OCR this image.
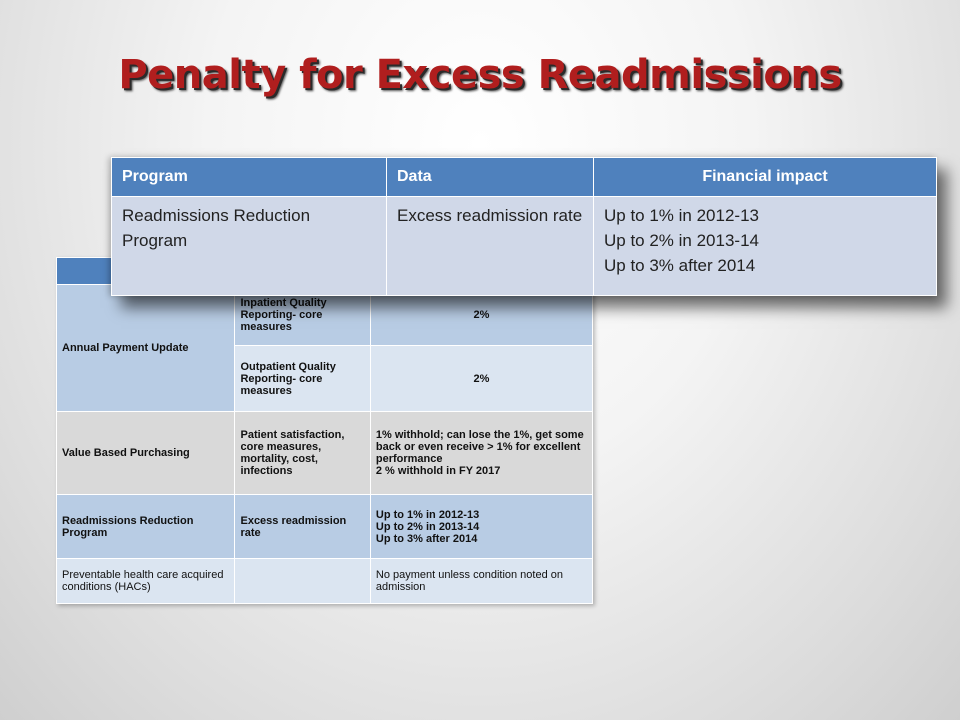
Penalty for Excess Readmissions

Annual Payment Update	Inpatient Quality Reporting- core measures	2%
	Outpatient Quality Reporting- core measures	2%
Value Based Purchasing	Patient satisfaction, core measures, mortality, cost, infections	1% withhold; can lose the 1%, get some back or even receive > 1% for excellent performance
2 % withhold in FY 2017

Readmissions Reduction Program	Excess readmission rate	Up to 1% in 2012-13
Up to 2% in 2013-14
Up to 3% after 2014

Preventable health care acquired conditions (HACs)		No payment unless condition noted on admission
Program	Data	Financial impact
Readmissions Reduction Program	Excess readmission rate	Up to 1% in 2012-13
Up to 2% in 2013-14
Up to 3% after 2014
